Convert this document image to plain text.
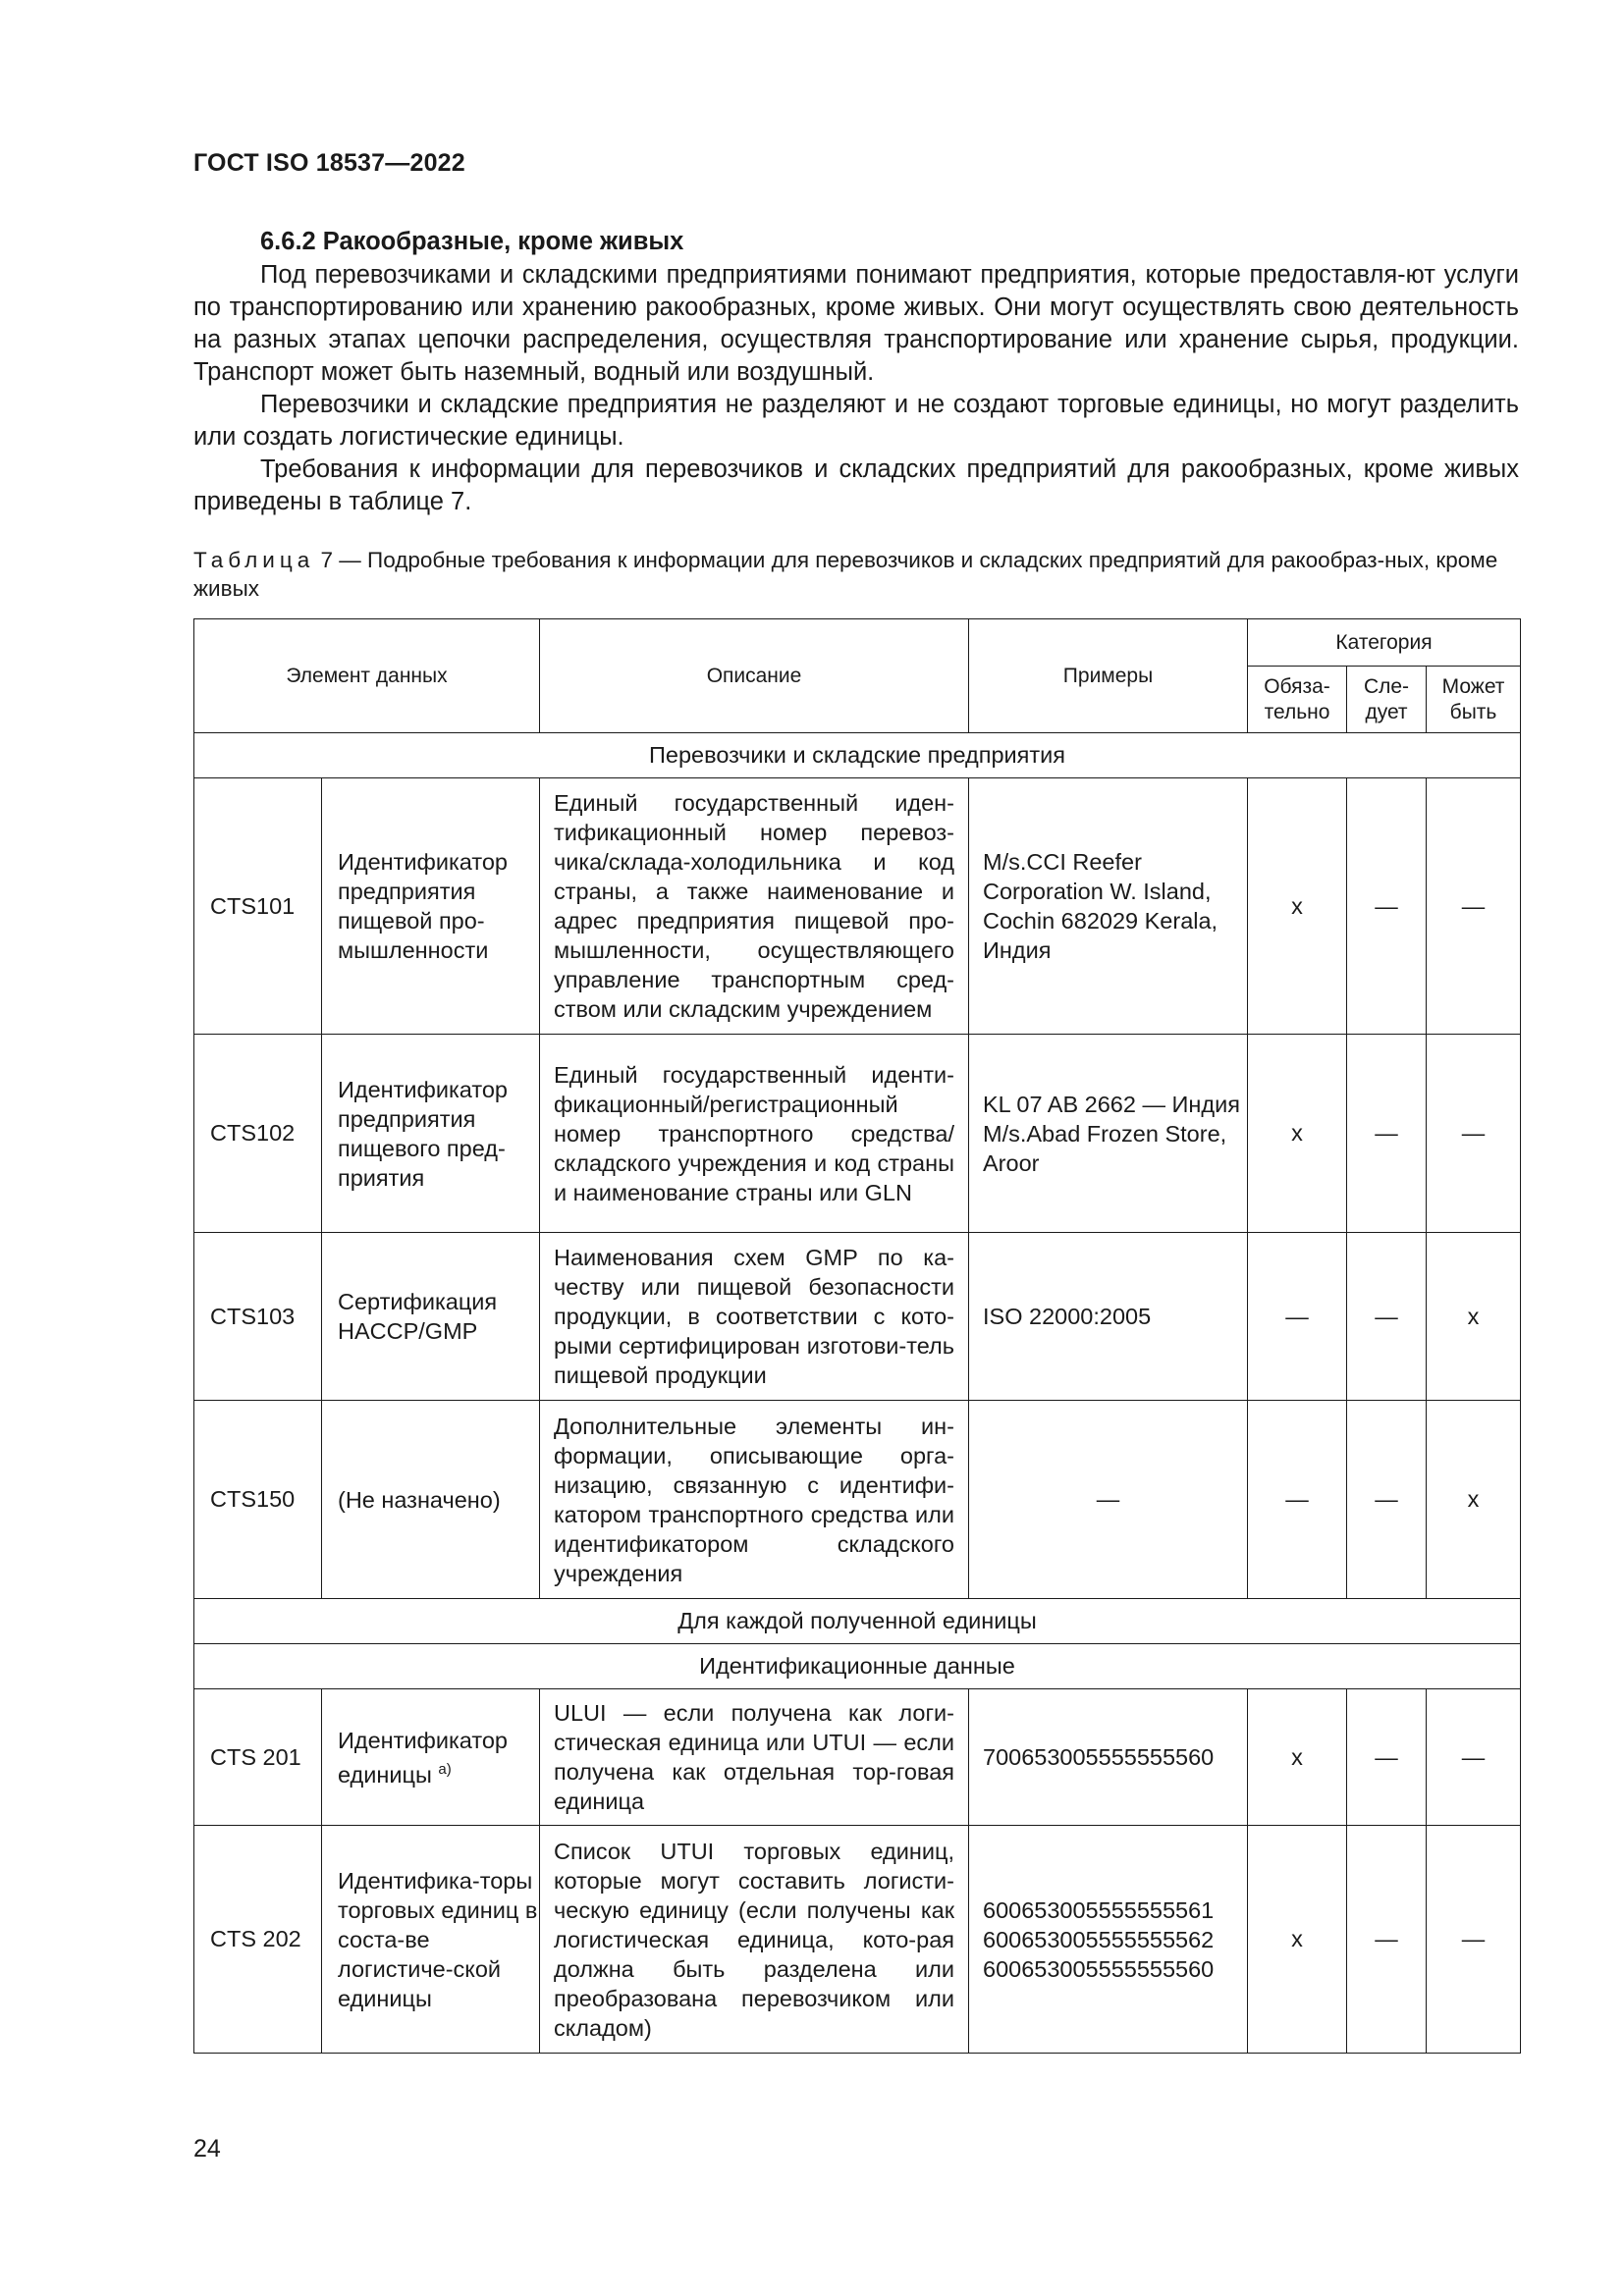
ГОСТ ISO 18537—2022
6.6.2 Ракообразные, кроме живых

Под перевозчиками и складскими предприятиями понимают предприятия, которые предоставля-ют услуги по транспортированию или хранению ракообразных, кроме живых. Они могут осуществлять свою деятельность на разных этапах цепочки распределения, осуществляя транспортирование или хранение сырья, продукции. Транспорт может быть наземный, водный или воздушный.

Перевозчики и складские предприятия не разделяют и не создают торговые единицы, но могут разделить или создать логистические единицы.

Требования к информации для перевозчиков и складских предприятий для ракообразных, кроме живых приведены в таблице 7.

Таблица 7 — Подробные требования к информации для перевозчиков и складских предприятий для ракообраз-ных, кроме живых
Элемент данных		Описание	Примеры	Категория		
				Обяза-тельно	Сле-дует	Может быть
Перевозчики и складские предприятия						
CTS101	Идентификатор предприятия пищевой про-мышленности	Единый государственный иден-тификационный номер перевоз-чика/склада-холодильника и код страны, а также наименование и адрес предприятия пищевой про-мышленности, осуществляющего управление транспортным сред-ством или складским учреждением	M/s.CCI Reefer Corporation W. Island, Cochin 682029 Kerala, Индия	x	—	—
CTS102	Идентификатор предприятия пищевого пред-приятия	Единый государственный иденти-фикационный/регистрационный номер транспортного средства/ складского учреждения и код страны и наименование страны или GLN	KL 07 AB 2662 — Индия M/s.Abad Frozen Store, Aroor	x	—	—
CTS103	Сертификация HACCP/GMP	Наименования схем GMP по ка-честву или пищевой безопасности продукции, в соответствии с кото-рыми сертифицирован изготови-тель пищевой продукции	ISO 22000:2005	—	—	x
CTS150	(Не назначено)	Дополнительные элементы ин-формации, описывающие орга-низацию, связанную с идентифи-катором транспортного средства или идентификатором складского учреждения	—	—	—	x
Для каждой полученной единицы						
Идентификационные данные						
CTS 201	Идентификатор единицы $^{а)}$	ULUI — если получена как логи-стическая единица или UTUI — если получена как отдельная тор-говая единица	700653005555555560	x	—	—
CTS 202	Идентифика-торы торговых единиц в соста-ве логистиче-ской единицы	Список UTUI торговых единиц, которые могут составить логисти-ческую единицу (если получены как логистическая единица, кото-рая должна быть разделена или преобразована перевозчиком или складом)	600653005555555561 600653005555555562 600653005555555560	x	—	—
24
